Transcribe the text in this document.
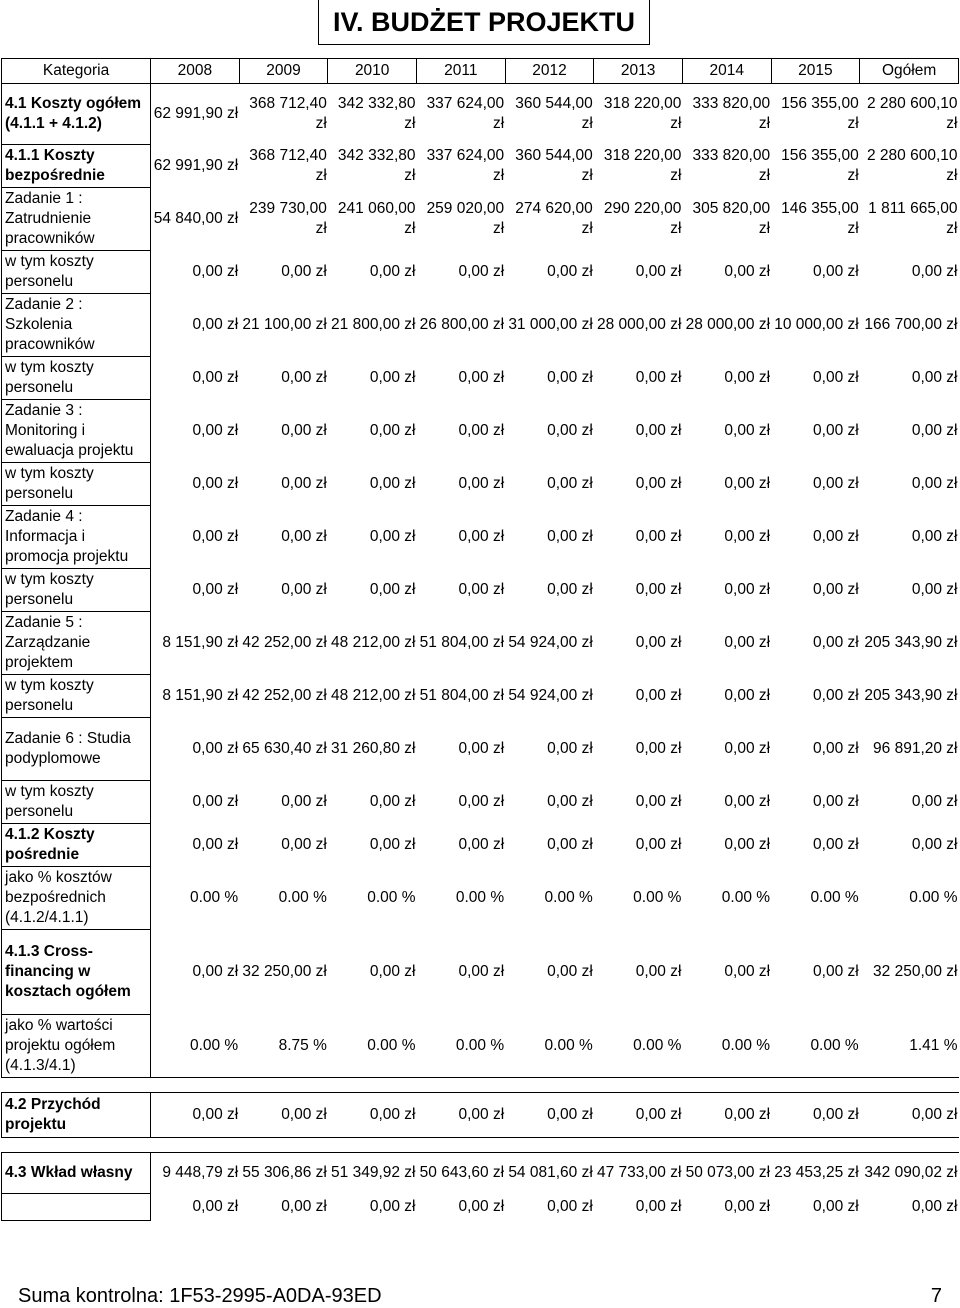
IV. BUDŻET PROJEKTU
Kategoria	2008	2009	2010	2011	2012	2013	2014	2015	Ogółem
4.1 Koszty ogółem (4.1.1 + 4.1.2)	62 991,90 zł	368 712,40 zł	342 332,80 zł	337 624,00 zł	360 544,00 zł	318 220,00 zł	333 820,00 zł	156 355,00 zł	2 280 600,10 zł
4.1.1 Koszty bezpośrednie	62 991,90 zł	368 712,40 zł	342 332,80 zł	337 624,00 zł	360 544,00 zł	318 220,00 zł	333 820,00 zł	156 355,00 zł	2 280 600,10 zł
Zadanie 1 : Zatrudnienie pracowników	54 840,00 zł	239 730,00 zł	241 060,00 zł	259 020,00 zł	274 620,00 zł	290 220,00 zł	305 820,00 zł	146 355,00 zł	1 811 665,00 zł
w tym koszty personelu	0,00 zł	0,00 zł	0,00 zł	0,00 zł	0,00 zł	0,00 zł	0,00 zł	0,00 zł	0,00 zł
Zadanie 2 : Szkolenia pracowników	0,00 zł	21 100,00 zł	21 800,00 zł	26 800,00 zł	31 000,00 zł	28 000,00 zł	28 000,00 zł	10 000,00 zł	166 700,00 zł
w tym koszty personelu	0,00 zł	0,00 zł	0,00 zł	0,00 zł	0,00 zł	0,00 zł	0,00 zł	0,00 zł	0,00 zł
Zadanie 3 : Monitoring i ewaluacja projektu	0,00 zł	0,00 zł	0,00 zł	0,00 zł	0,00 zł	0,00 zł	0,00 zł	0,00 zł	0,00 zł
w tym koszty personelu	0,00 zł	0,00 zł	0,00 zł	0,00 zł	0,00 zł	0,00 zł	0,00 zł	0,00 zł	0,00 zł
Zadanie 4 : Informacja i promocja projektu	0,00 zł	0,00 zł	0,00 zł	0,00 zł	0,00 zł	0,00 zł	0,00 zł	0,00 zł	0,00 zł
w tym koszty personelu	0,00 zł	0,00 zł	0,00 zł	0,00 zł	0,00 zł	0,00 zł	0,00 zł	0,00 zł	0,00 zł
Zadanie 5 : Zarządzanie projektem	8 151,90 zł	42 252,00 zł	48 212,00 zł	51 804,00 zł	54 924,00 zł	0,00 zł	0,00 zł	0,00 zł	205 343,90 zł
w tym koszty personelu	8 151,90 zł	42 252,00 zł	48 212,00 zł	51 804,00 zł	54 924,00 zł	0,00 zł	0,00 zł	0,00 zł	205 343,90 zł
Zadanie 6 : Studia podyplomowe	0,00 zł	65 630,40 zł	31 260,80 zł	0,00 zł	0,00 zł	0,00 zł	0,00 zł	0,00 zł	96 891,20 zł
w tym koszty personelu	0,00 zł	0,00 zł	0,00 zł	0,00 zł	0,00 zł	0,00 zł	0,00 zł	0,00 zł	0,00 zł
4.1.2 Koszty pośrednie	0,00 zł	0,00 zł	0,00 zł	0,00 zł	0,00 zł	0,00 zł	0,00 zł	0,00 zł	0,00 zł
jako % kosztów bezpośrednich (4.1.2/4.1.1)	0.00 %	0.00 %	0.00 %	0.00 %	0.00 %	0.00 %	0.00 %	0.00 %	0.00 %
4.1.3 Cross-financing w kosztach ogółem	0,00 zł	32 250,00 zł	0,00 zł	0,00 zł	0,00 zł	0,00 zł	0,00 zł	0,00 zł	32 250,00 zł
jako % wartości projektu ogółem (4.1.3/4.1)	0.00 %	8.75 %	0.00 %	0.00 %	0.00 %	0.00 %	0.00 %	0.00 %	1.41 %

4.2 Przychód projektu	0,00 zł	0,00 zł	0,00 zł	0,00 zł	0,00 zł	0,00 zł	0,00 zł	0,00 zł	0,00 zł

4.3 Wkład własny	9 448,79 zł	55 306,86 zł	51 349,92 zł	50 643,60 zł	54 081,60 zł	47 733,00 zł	50 073,00 zł	23 453,25 zł	342 090,02 zł
	0,00 zł	0,00 zł	0,00 zł	0,00 zł	0,00 zł	0,00 zł	0,00 zł	0,00 zł	0,00 zł
Suma kontrolna: 1F53-2995-A0DA-93ED	7
